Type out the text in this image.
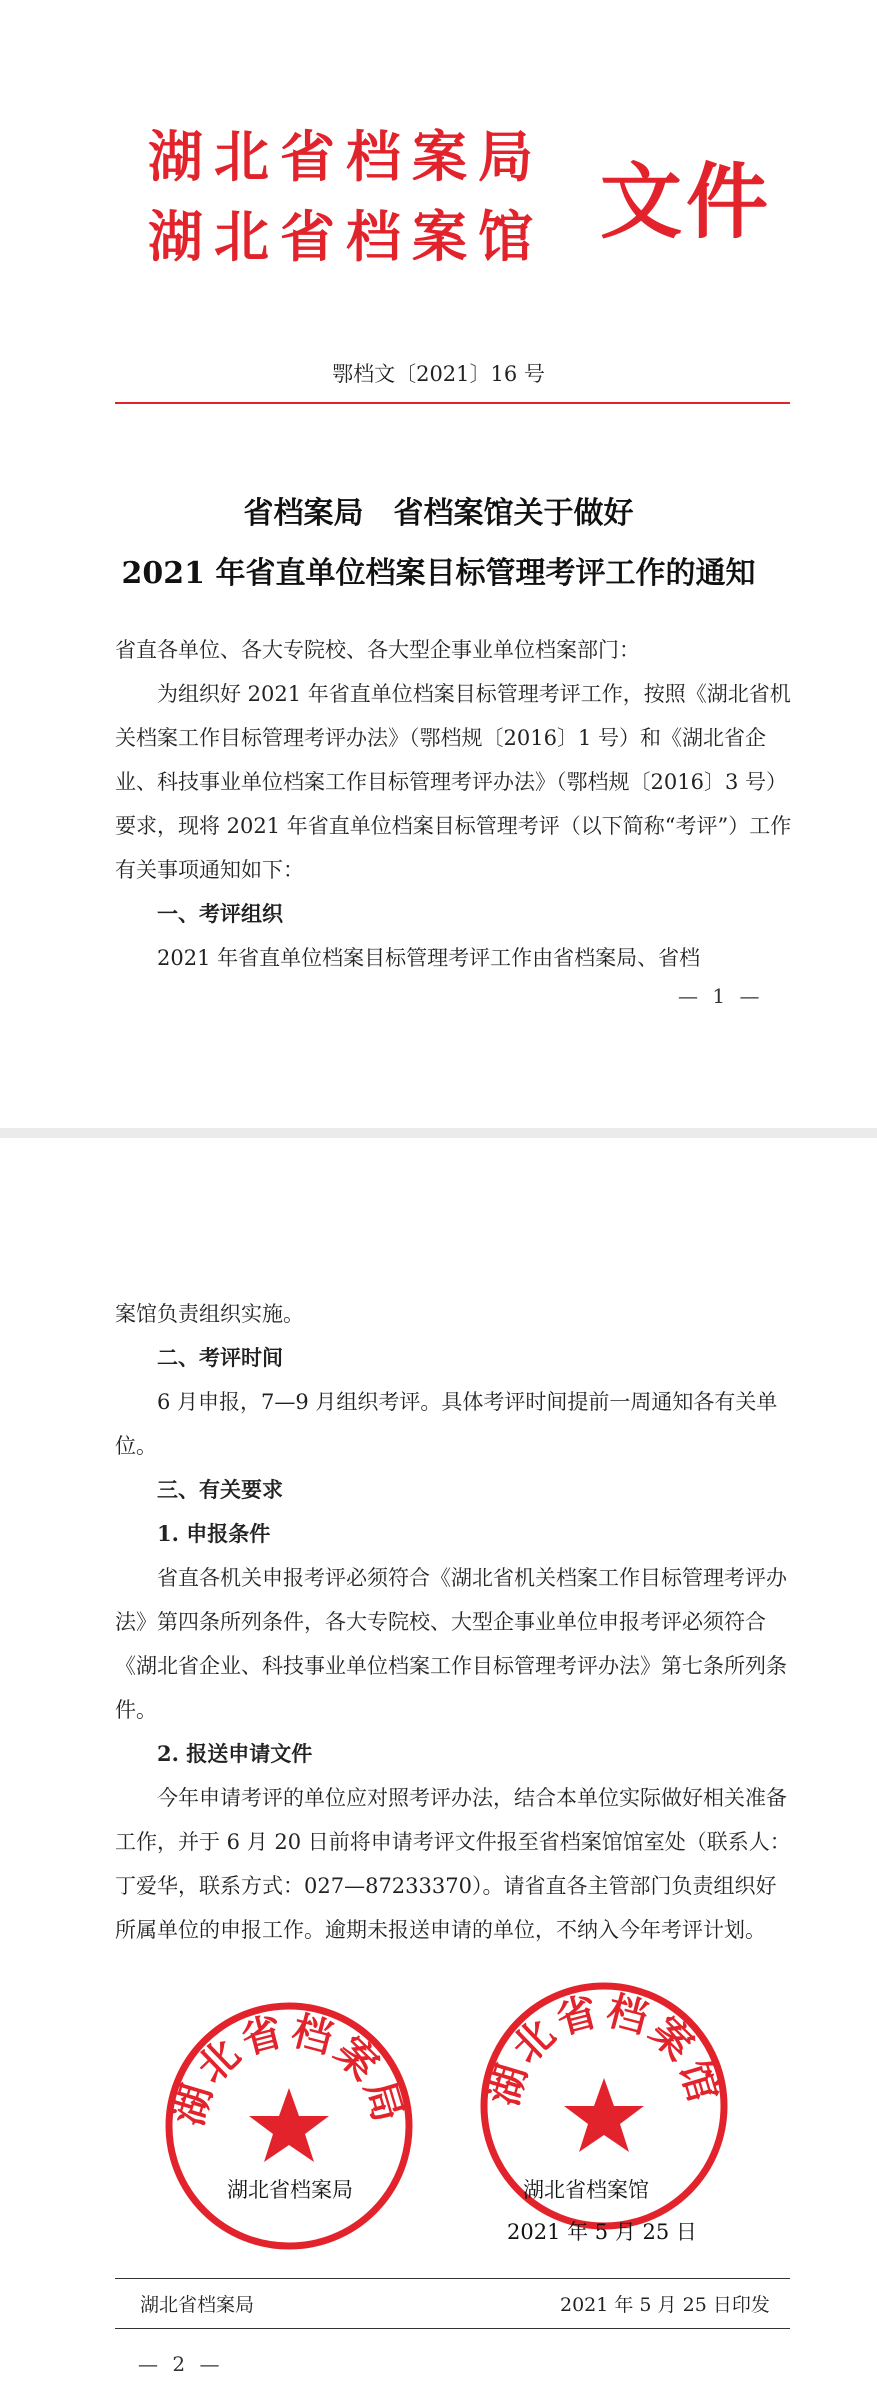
湖北省档案局
湖北省档案馆 文件
鄂档文〔2021〕16 号
省档案局　省档案馆关于做好
2021 年省直单位档案目标管理考评工作的通知
省直各单位、各大专院校、各大型企事业单位档案部门：
为组织好 2021 年省直单位档案目标管理考评工作，按照《湖北省机关档案工作目标管理考评办法》（鄂档规〔2016〕1 号）和《湖北省企业、科技事业单位档案工作目标管理考评办法》（鄂档规〔2016〕3 号）要求，现将 2021 年省直单位档案目标管理考评（以下简称“考评”）工作有关事项通知如下：
一、考评组织
2021 年省直单位档案目标管理考评工作由省档案局、省档
— 1 —
案馆负责组织实施。
二、考评时间
6 月申报，7—9 月组织考评。具体考评时间提前一周通知各有关单位。
三、有关要求
1. 申报条件
省直各机关申报考评必须符合《湖北省机关档案工作目标管理考评办法》第四条所列条件，各大专院校、大型企事业单位申报考评必须符合《湖北省企业、科技事业单位档案工作目标管理考评办法》第七条所列条件。
2. 报送申请文件
今年申请考评的单位应对照考评办法，结合本单位实际做好相关准备工作，并于 6 月 20 日前将申请考评文件报至省档案馆馆室处（联系人：丁爱华，联系方式：027—87233370）。请省直各主管部门负责组织好所属单位的申报工作。逾期未报送申请的单位，不纳入今年考评计划。
湖北省档案局
湖北省档案局
湖北省档案馆
湖北省档案馆
2021 年 5 月 25 日
湖北省档案局	2021 年 5 月 25 日印发
— 2 —
